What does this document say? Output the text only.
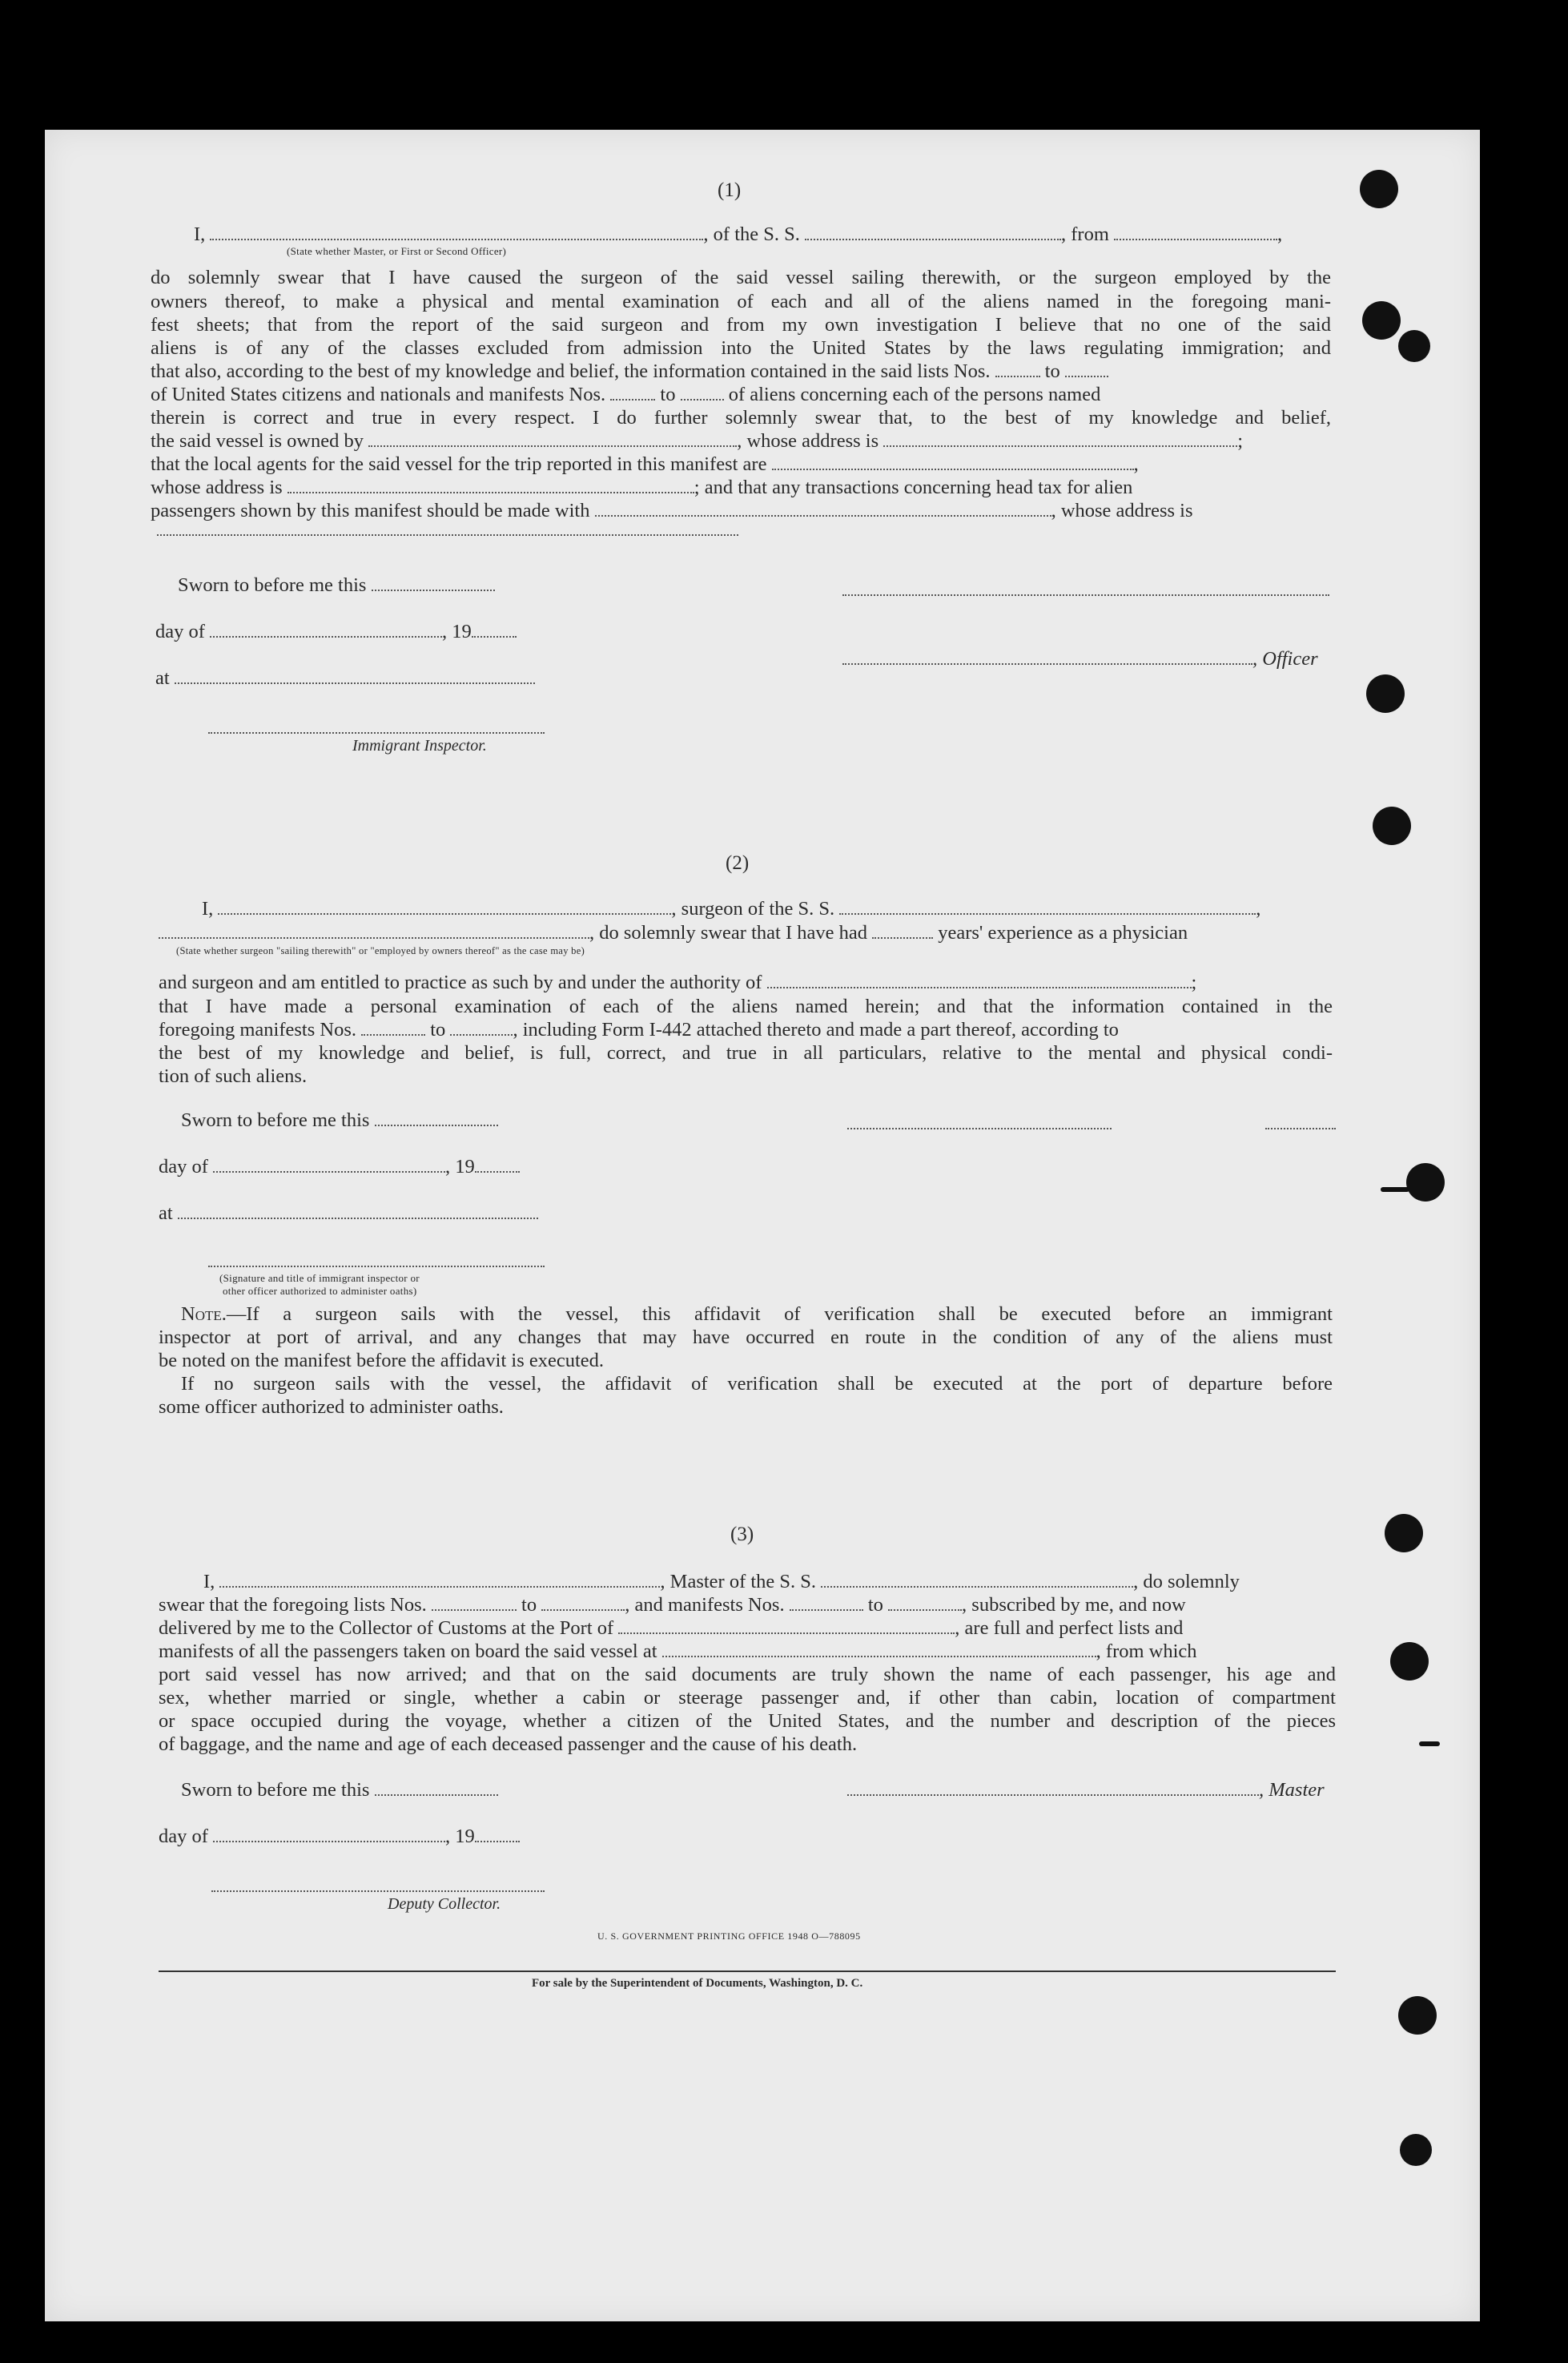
(1)
I,	, of the S. S.	, from	,
(State whether Master, or First or Second Officer)
do solemnly swear that I have caused the surgeon of the said vessel sailing therewith, or the surgeon employed by the
owners thereof, to make a physical and mental examination of each and all of the aliens named in the foregoing mani-
fest sheets; that from the report of the said surgeon and from my own investigation I believe that no one of the said
aliens is of any of the classes excluded from admission into the United States by the laws regulating immigration; and
that also, according to the best of my knowledge and belief, the information contained in the said lists Nos.	to
of United States citizens and nationals and manifests Nos.	to	of aliens concerning each of the persons named
therein is correct and true in every respect. I do further solemnly swear that, to the best of my knowledge and belief,
the said vessel is owned by	, whose address is	;
that the local agents for the said vessel for the trip reported in this manifest are	,
whose address is	; and that any transactions concerning head tax for alien
passengers shown by this manifest should be made with	, whose address is
Sworn to before me this
day of	, 19
at
Immigrant Inspector.
, Officer
(2)
I,	, surgeon of the S. S.	,
, do solemnly swear that I have had	years' experience as a physician
(State whether surgeon "sailing therewith" or "employed by owners thereof" as the case may be)
and surgeon and am entitled to practice as such by and under the authority of	;
that I have made a personal examination of each of the aliens named herein; and that the information contained in the
foregoing manifests Nos.	to	, including Form I-442 attached thereto and made a part thereof, according to
the best of my knowledge and belief, is full, correct, and true in all particulars, relative to the mental and physical condi-
tion of such aliens.
Sworn to before me this
day of	, 19
at
(Signature and title of immigrant inspector or
other officer authorized to administer oaths)
Note.—If a surgeon sails with the vessel, this affidavit of verification shall be executed before an immigrant
inspector at port of arrival, and any changes that may have occurred en route in the condition of any of the aliens must
be noted on the manifest before the affidavit is executed.
If no surgeon sails with the vessel, the affidavit of verification shall be executed at the port of departure before
some officer authorized to administer oaths.
(3)
I,	, Master of the S. S.	, do solemnly
swear that the foregoing lists Nos.	to	, and manifests Nos.	to	, subscribed by me, and now
delivered by me to the Collector of Customs at the Port of	, are full and perfect lists and
manifests of all the passengers taken on board the said vessel at	, from which
port said vessel has now arrived; and that on the said documents are truly shown the name of each passenger, his age and
sex, whether married or single, whether a cabin or steerage passenger and, if other than cabin, location of compartment
or space occupied during the voyage, whether a citizen of the United States, and the number and description of the pieces
of baggage, and the name and age of each deceased passenger and the cause of his death.
Sworn to before me this	, Master
day of	, 19
Deputy Collector.
U. S. GOVERNMENT PRINTING OFFICE 1948 O—788095
For sale by the Superintendent of Documents, Washington, D. C.
